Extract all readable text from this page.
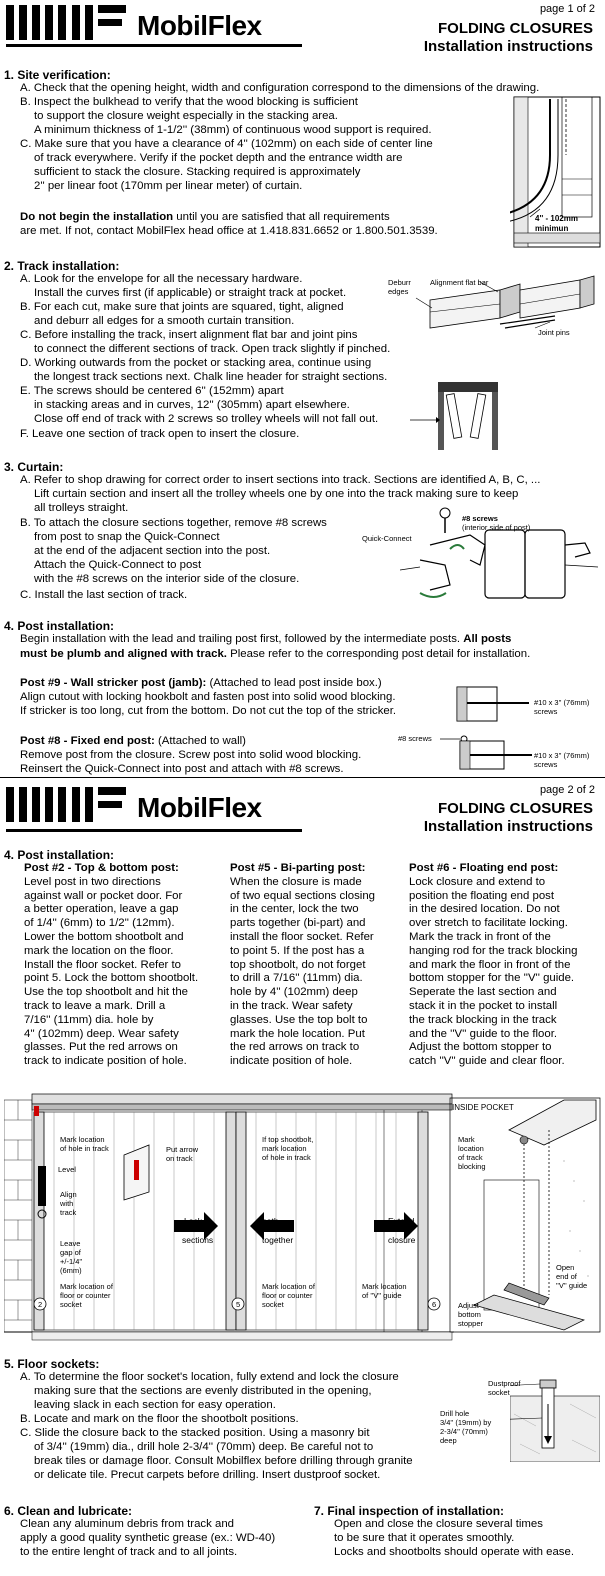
MobilFlex
page 1 of 2
FOLDING CLOSURES
Installation instructions
1. Site verification:
A. Check that the opening height, width and configuration correspond to the dimensions of the drawing.
B. Inspect the bulkhead to verify that the wood blocking is sufficient
to support the closure weight especially in the stacking area.
A minimum thickness of 1-1/2'' (38mm) of continuous wood support is required.
C. Make sure that you have a clearance of 4'' (102mm) on each side of center line
of track everywhere. Verify if the pocket depth and the entrance width are
sufficient to stack the closure. Stacking required is approximately
2'' per linear foot (170mm per linear meter) of curtain.
Do not begin the installation until you are satisfied that all requirements
are met. If not, contact MobilFlex head office at 1.418.831.6652 or 1.800.501.3539.
4'' - 102mm
minimun
2. Track installation:
A. Look for the envelope for all the necessary hardware.
Install the curves first (if applicable) or straight track at pocket.
B. For each cut, make sure that joints are squared, tight, aligned
and deburr all edges for a smooth curtain transition.
C. Before installing the track, insert alignment flat bar and joint pins
to connect the different sections of track. Open track slightly if pinched.
D. Working outwards from the pocket or stacking area, continue using
the longest track sections next. Chalk line header for straight sections.
E. The screws should be centered 6'' (152mm) apart
in stacking areas and in curves, 12'' (305mm) apart elsewhere.
Close off end of track with 2 screws so trolley wheels will not fall out.
F. Leave one section of track open to insert the closure.
Deburr
edges
Alignment flat bar
Joint pins
3. Curtain:
A. Refer to shop drawing for correct order to insert sections into track. Sections are identified A, B, C, ...
Lift curtain section and insert all the trolley wheels one by one into the track making sure to keep
all trolleys straight.
B. To attach the closure sections together, remove #8 screws
from post to snap the Quick-Connect
at the end of the adjacent section into the post.
Attach the Quick-Connect to post
with the #8 screws on the interior side of the closure.
C. Install the last section of track.
#8 screws
(interior side of post)
Quick-Connect
4. Post installation:
Begin installation with the lead and trailing post first, followed by the intermediate posts. All posts
must be plumb and aligned with track. Please refer to the corresponding post detail for installation.
Post #9 - Wall stricker post (jamb): (Attached to lead post inside box.)
Align cutout with locking hookbolt and fasten post into solid wood blocking.
If stricker is too long, cut from the bottom. Do not cut the top of the stricker.
Post #8 - Fixed end post: (Attached to wall)
Remove post from the closure. Screw post into solid wood blocking.
Reinsert the Quick-Connect into post and attach with #8 screws.
#10 x 3'' (76mm)
screws
#8 screws
#10 x 3'' (76mm)
screws
MobilFlex
page 2 of 2
FOLDING CLOSURES
Installation instructions
4. Post installation:
Post #2 - Top & bottom post:
Level post in two directions
against wall or pocket door. For
a better operation, leave a gap
of 1/4'' (6mm) to 1/2'' (12mm).
Lower the bottom shootbolt and
mark the location on the floor.
Install the floor socket. Refer to
point 5. Lock the bottom shootbolt.
Use the top shootbolt and hit the
track to leave a mark. Drill a
7/16'' (11mm) dia. hole by
4'' (102mm) deep. Wear safety
glasses. Put the red arrows on
track to indicate position of hole.
Post #5 - Bi-parting post:
When the closure is made
of two equal sections closing
in the center, lock the two
parts together (bi-part) and
install the floor socket. Refer
to point 5. If the post has a
top shootbolt, do not forget
to drill a 7/16'' (11mm) dia.
hole by 4'' (102mm) deep
in the track. Wear safety
glasses. Use the top bolt to
mark the hole location. Put
the red arrows on track to
indicate position of hole.
Post #6 - Floating end post:
Lock closure and extend to
position the floating end post
in the desired location. Do not
over stretch to facilitate locking.
Mark the track in front of the
hanging rod for the track blocking
and mark the floor in front of the
bottom stopper for the ''V'' guide.
Seperate the last section and
stack it in the pocket to install
the track blocking in the track
and the ''V'' guide to the floor.
Adjust the bottom stopper to
catch ''V'' guide and clear floor.
Mark location
of hole in track	Put arrow
on track
Level
Align
with
track
Leave
gap of
+/-1/4''
(6mm)
Mark location of
floor or counter
socket
If top shootbolt,
mark location
of hole in track
Lock
sections
both
together
Mark location of
floor or counter
socket
Extend
closure
Mark location
of ''V'' guide
INSIDE POCKET
Mark
location
of track
blocking
Open
end of
''V'' guide
Adjust
bottom
stopper
2	5	6
5. Floor sockets:
A. To determine the floor socket's location, fully extend and lock the closure
making sure that the sections are evenly distributed in the opening,
leaving slack in each section for easy operation.
B. Locate and mark on the floor the shootbolt positions.
C. Slide the closure back to the stacked position. Using a masonry bit
of 3/4'' (19mm) dia., drill hole 2-3/4'' (70mm) deep. Be careful not to
break tiles or damage floor. Consult Mobilflex before drilling through granite
or delicate tile. Precut carpets before drilling. Insert dustproof socket.
Dustproof
socket
Drill hole
3/4'' (19mm) by
2-3/4'' (70mm)
deep
6. Clean and lubricate:
Clean any aluminum debris from track and
apply a good quality synthetic grease (ex.: WD-40)
to the entire lenght of track and to all joints.
7. Final inspection of installation:
Open and close the closure several times
to be sure that it operates smoothly.
Locks and shootbolts should operate with ease.
